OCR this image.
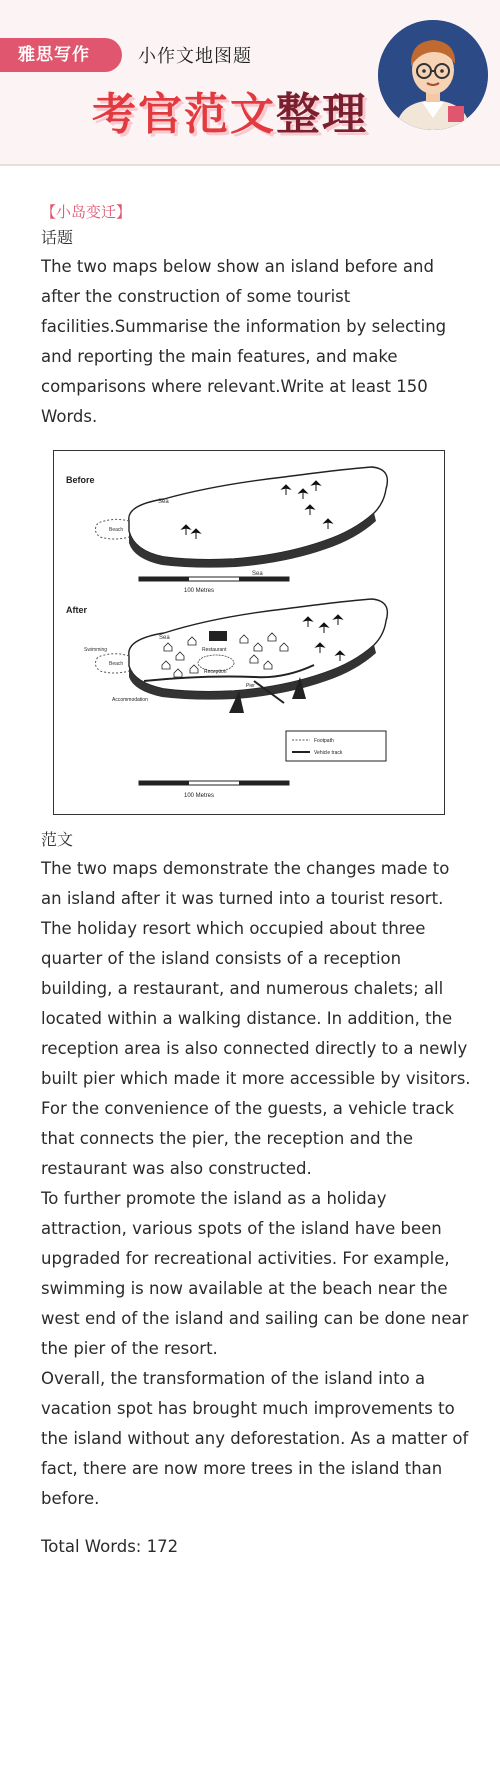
雅思写作	小作文地图题
考官范文整理
【小岛变迁】
话题
The two maps below show an island before and after the construction of some tourist facilities.Summarise the information by selecting and reporting the main features, and make comparisons where relevant.Write at least 150 Words.
Before
Sea
Sea
Beach
100 Metres
After
Sea
Swimming
Beach
Restaurant
Reception
Pier
Accommodation
Footpath
Vehicle track
100 Metres
范文
The two maps demonstrate the changes made to an island after it was turned into a tourist resort.
The holiday resort which occupied about three quarter of the island consists of a reception building, a restaurant, and numerous chalets; all located within a walking distance. In addition, the reception area is also connected directly to a newly built pier which made it more accessible by visitors. For the convenience of the guests, a vehicle track that connects the pier, the reception and the restaurant was also constructed.
To further promote the island as a holiday attraction, various spots of the island have been upgraded for recreational activities. For example, swimming is now available at the beach near the west end of the island and sailing can be done near the pier of the resort.
Overall, the transformation of the island into a vacation spot has brought much improvements to the island without any deforestation. As a matter of fact, there are now more trees in the island than before.
Total Words: 172
